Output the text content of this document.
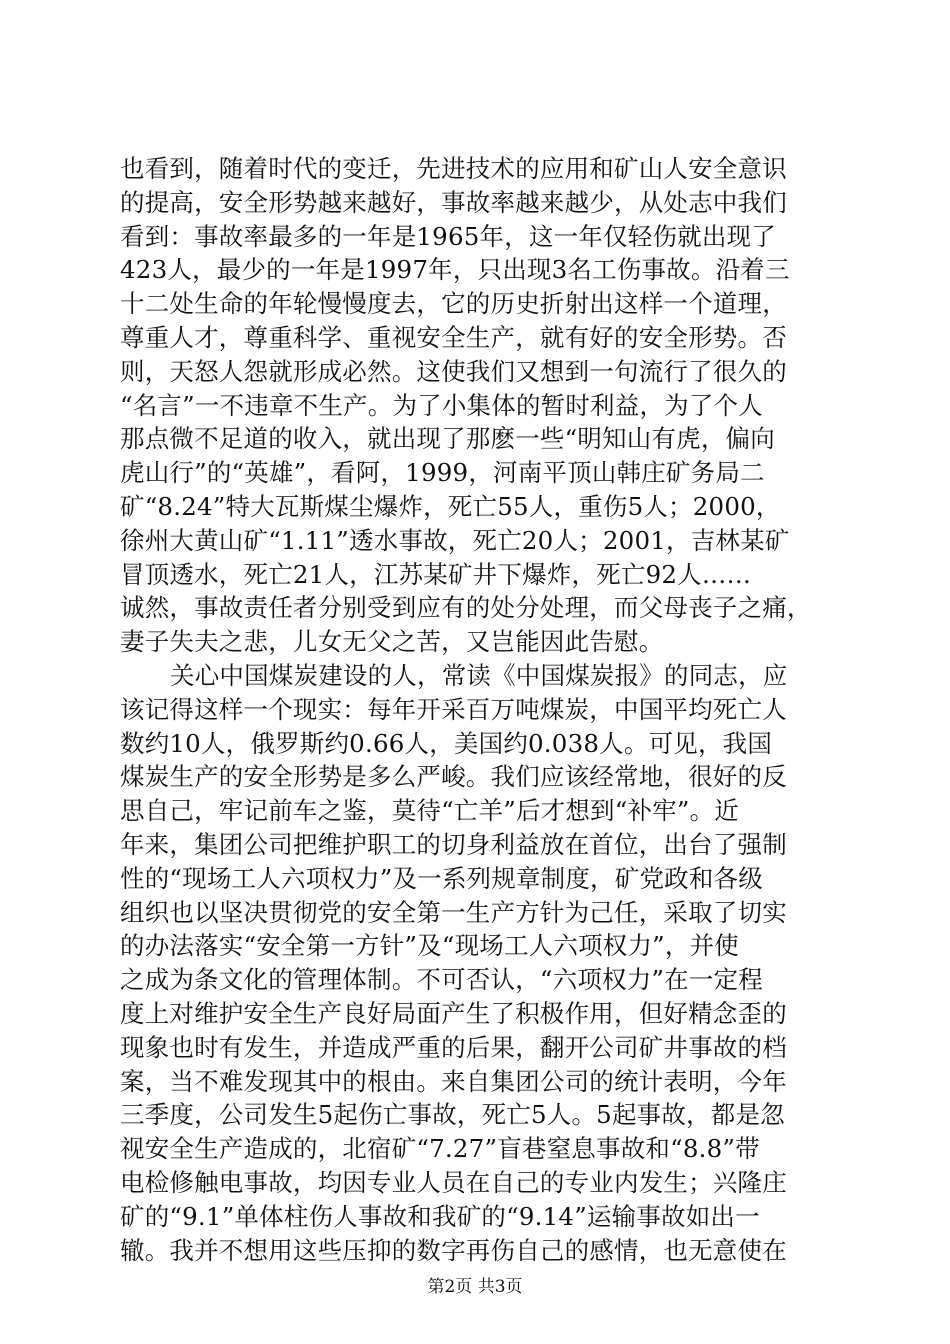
也看到，随着时代的变迁，先进技术的应用和矿山人安全意识
的提高，安全形势越来越好，事故率越来越少，从处志中我们
看到：事故率最多的一年是1965年，这一年仅轻伤就出现了
423人，最少的一年是1997年，只出现3名工伤事故。沿着三
十二处生命的年轮慢慢度去，它的历史折射出这样一个道理，
尊重人才，尊重科学、重视安全生产，就有好的安全形势。否
则，天怒人怨就形成必然。这使我们又想到一句流行了很久的
“名言”一不违章不生产。为了小集体的暂时利益，为了个人
那点微不足道的收入，就出现了那麽一些“明知山有虎，偏向
虎山行”的“英雄”，看阿，1999，河南平顶山韩庄矿务局二
矿“8.24”特大瓦斯煤尘爆炸，死亡55人，重伤5人；2000，
徐州大黄山矿“1.11”透水事故，死亡20人；2001，吉林某矿
冒顶透水，死亡21人，江苏某矿井下爆炸，死亡92人……
诚然，事故责任者分别受到应有的处分处理，而父母丧子之痛，
妻子失夫之悲，儿女无父之苦，又岂能因此告慰。
关心中国煤炭建设的人，常读《中国煤炭报》的同志，应
该记得这样一个现实：每年开采百万吨煤炭，中国平均死亡人
数约10人，俄罗斯约0.66人，美国约0.038人。可见，我国
煤炭生产的安全形势是多么严峻。我们应该经常地，很好的反
思自己，牢记前车之鉴，莫待“亡羊”后才想到“补牢”。近
年来，集团公司把维护职工的切身利益放在首位，出台了强制
性的“现场工人六项权力”及一系列规章制度，矿党政和各级
组织也以坚决贯彻党的安全第一生产方针为己任，采取了切实
的办法落实“安全第一方针”及“现场工人六项权力”，并使
之成为条文化的管理体制。不可否认，“六项权力”在一定程
度上对维护安全生产良好局面产生了积极作用，但好精念歪的
现象也时有发生，并造成严重的后果，翻开公司矿井事故的档
案，当不难发现其中的根由。来自集团公司的统计表明，今年
三季度，公司发生5起伤亡事故，死亡5人。5起事故，都是忽
视安全生产造成的，北宿矿“7.27”盲巷窒息事故和“8.8”带
电检修触电事故，均因专业人员在自己的专业内发生；兴隆庄
矿的“9.1”单体柱伤人事故和我矿的“9.14”运输事故如出一
辙。我并不想用这些压抑的数字再伤自己的感情，也无意使在
第2页 共3页
